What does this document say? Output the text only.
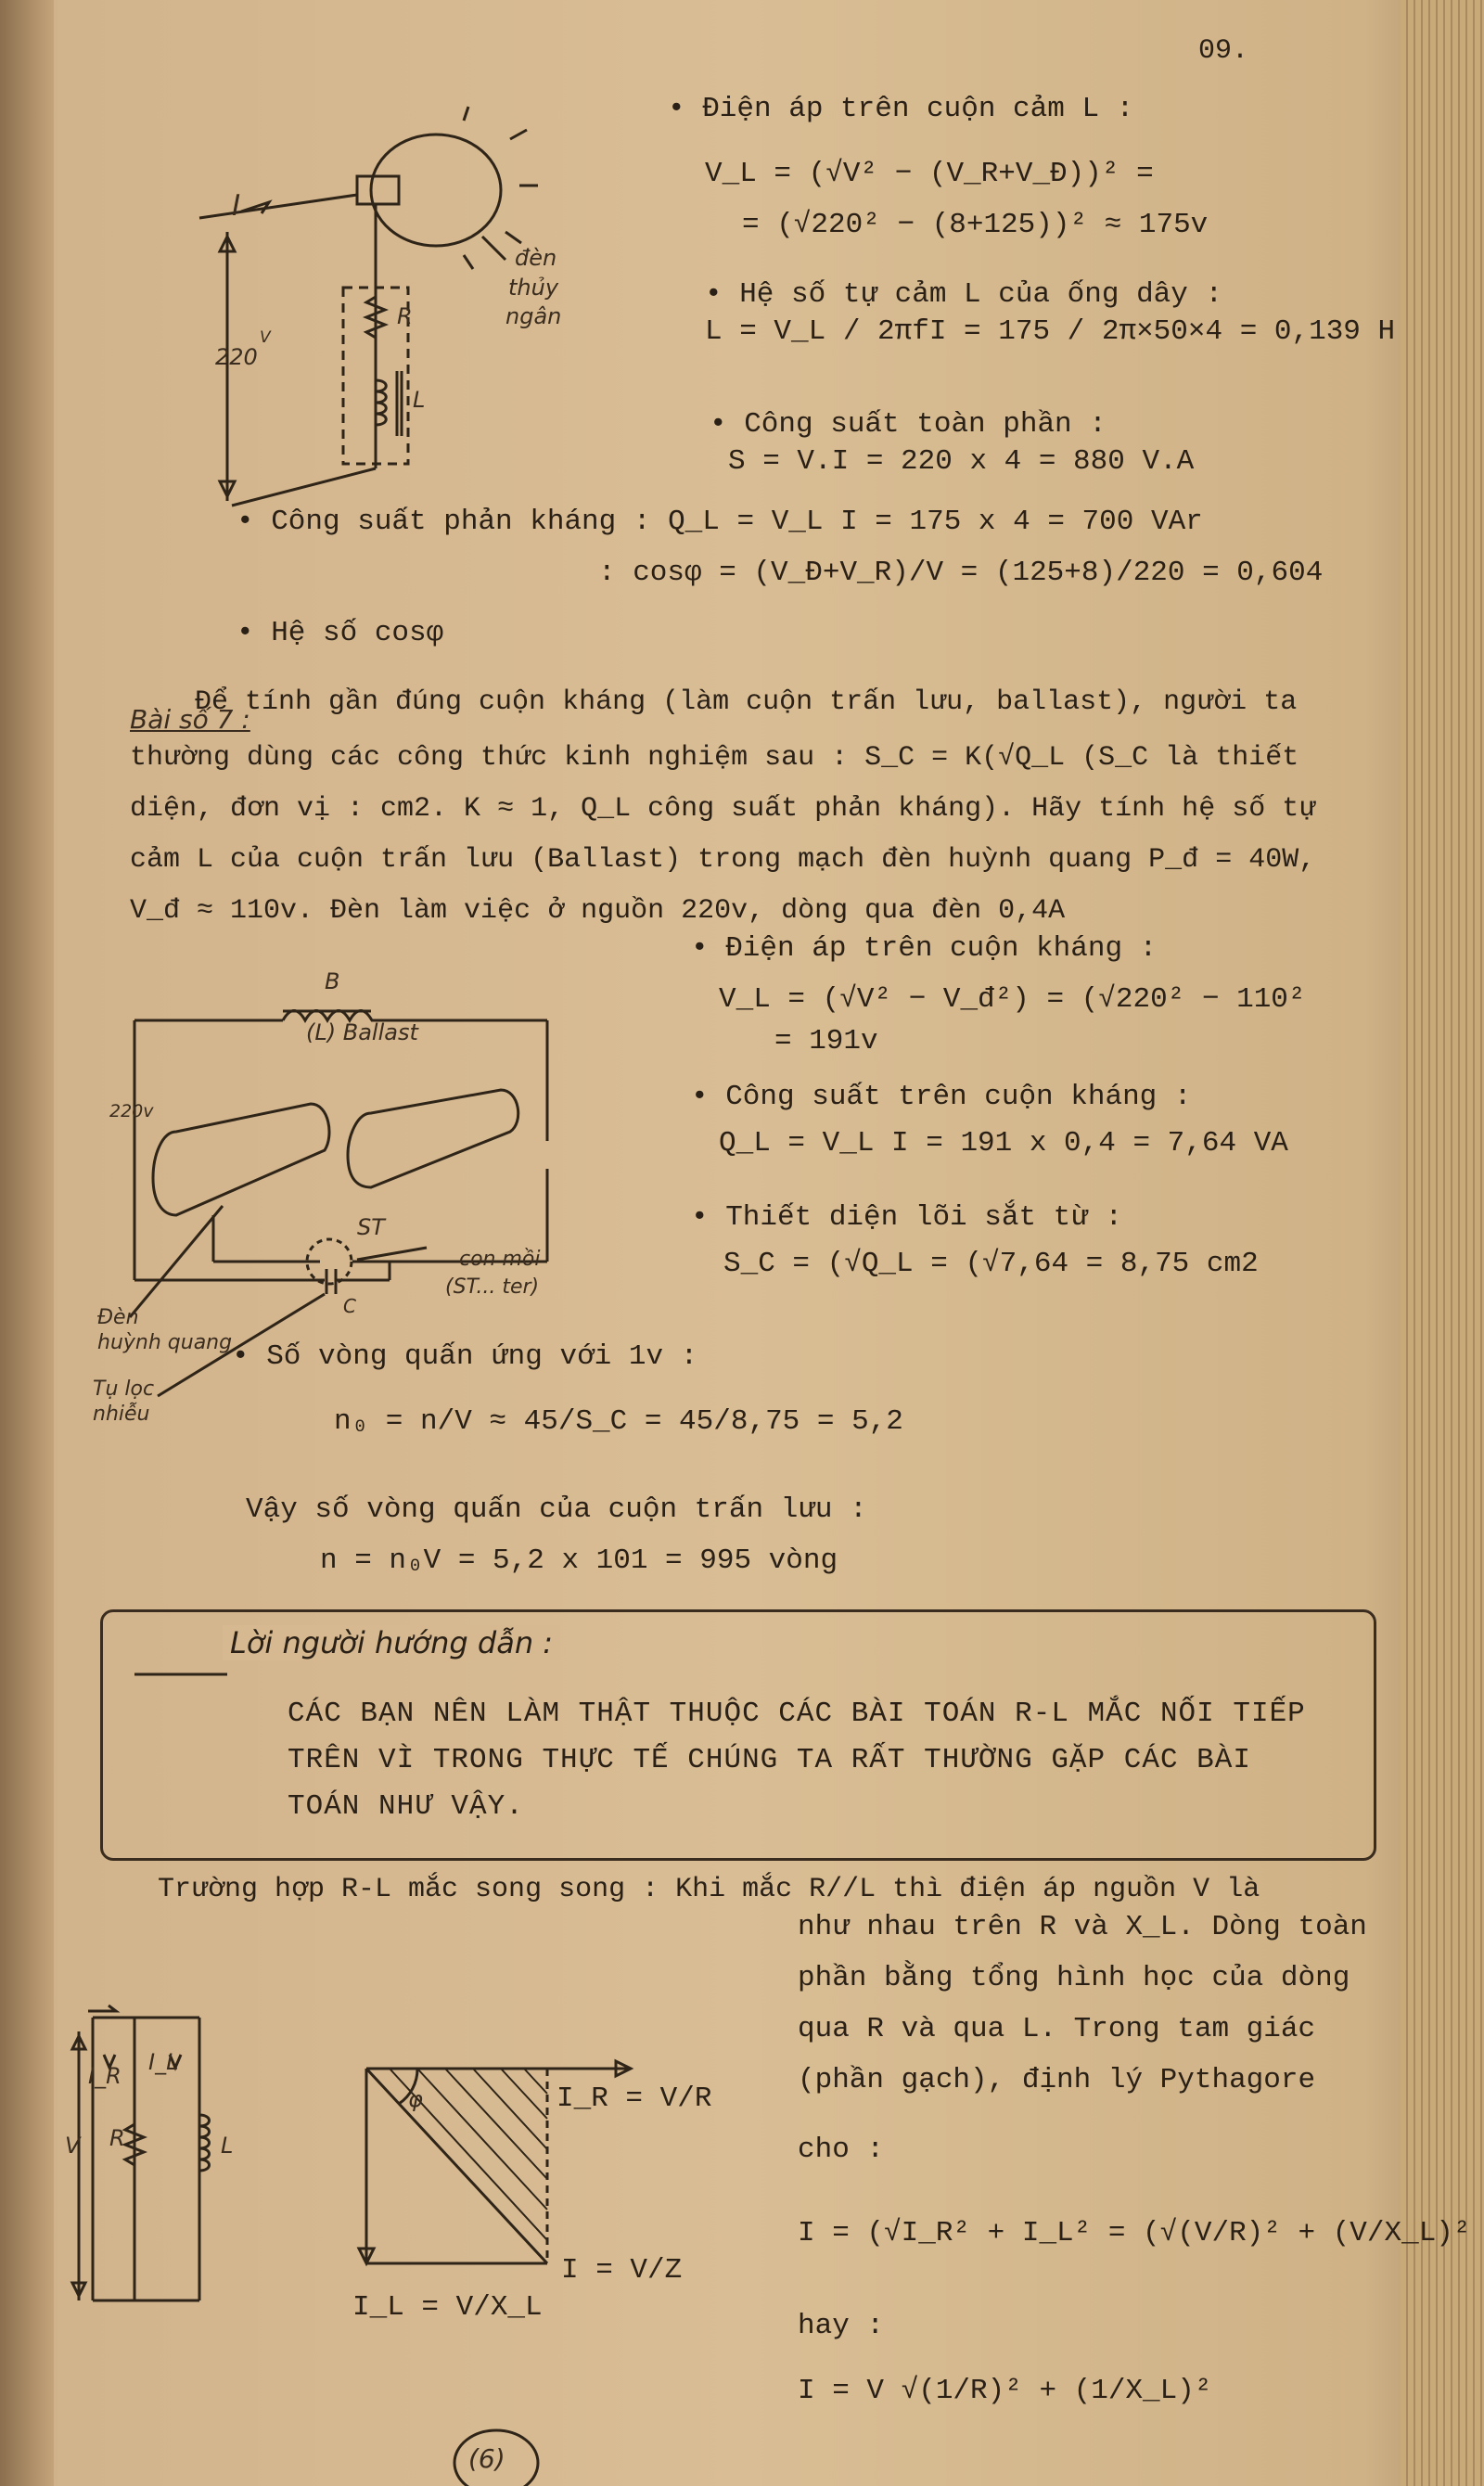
09.
I
220
V
R
L
đèn
thủy
ngân
• Điện áp trên cuộn cảm L :
V_L = (√V² − (V_R+V_Đ))² =
= (√220² − (8+125))² ≈ 175v
• Hệ số tự cảm L của ống dây :
L = V_L / 2πfI = 175 / 2π×50×4 = 0,139 H
• Công suất toàn phần :
S = V.I = 220 x 4 = 880 V.A
• Công suất phản kháng : Q_L = V_L I = 175 x 4 = 700 VAr
: cosφ = (V_Đ+V_R)/V = (125+8)/220 = 0,604
• Hệ số cosφ
Bài số 7 :
Để tính gần đúng cuộn kháng (làm cuộn trấn lưu, ballast), người ta
thường dùng các công thức kinh nghiệm sau : S_C = K(√Q_L (S_C là thiết
diện, đơn vị : cm2. K ≈ 1, Q_L công suất phản kháng). Hãy tính hệ số tự
cảm L của cuộn trấn lưu (Ballast) trong mạch đèn huỳnh quang P_đ = 40W,
V_đ ≈ 110v. Đèn làm việc ở nguồn 220v, dòng qua đèn 0,4A
• Điện áp trên cuộn kháng :
V_L = (√V² − V_đ²) = (√220² − 110²
= 191v
• Công suất trên cuộn kháng :
Q_L = V_L I = 191 x 0,4 = 7,64 VA
• Thiết diện lõi sắt từ :
S_C = (√Q_L = (√7,64 = 8,75 cm2
• Số vòng quấn ứng với 1v :
n₀ = n/V ≈ 45/S_C = 45/8,75 = 5,2
Vậy số vòng quấn của cuộn trấn lưu :
n = n₀V = 5,2 x 101 = 995 vòng
B
(L) Ballast
220v
ST
con mồi
(ST... ter)
C
Đèn
huỳnh quang
Tụ lọc
nhiễu
Lời người hướng dẫn :
CÁC BẠN NÊN LÀM THẬT THUỘC CÁC BÀI TOÁN R-L MẮC NỐI TIẾP
TRÊN VÌ TRONG THỰC TẾ CHÚNG TA RẤT THƯỜNG GẶP CÁC BÀI
TOÁN NHƯ VẬY.
Trường hợp R-L mắc song song : Khi mắc R//L thì điện áp nguồn V là
như nhau trên R và X_L. Dòng toàn
phần bằng tổng hình học của dòng
qua R và qua L. Trong tam giác
(phần gạch), định lý Pythagore
cho :
I = (√I_R² + I_L² = (√(V/R)² + (V/X_L)²
hay :
I = V √(1/R)² + (1/X_L)²
I_R
I_L
V R	L
I_R = V/R
I_L = V/X_L
I = V/Z
φ
(6)
